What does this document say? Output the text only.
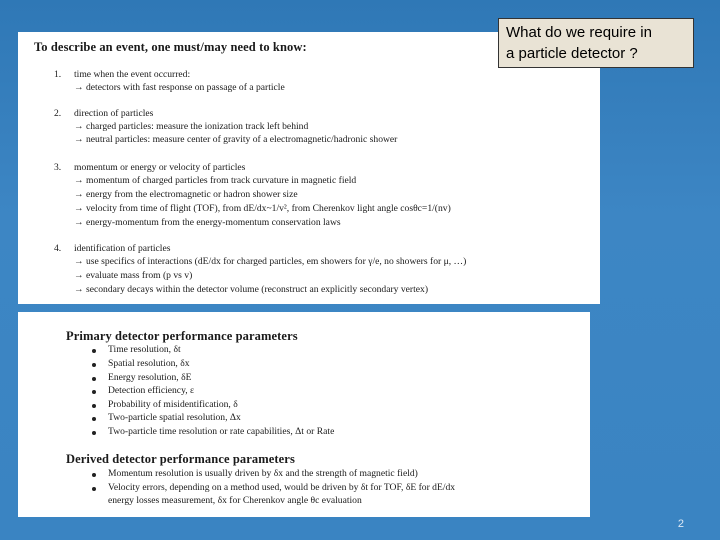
To describe an event, one must/may need to know:
1. time when the event occurred:
→ detectors with fast response on passage of a particle
2. direction of particles
→ charged particles: measure the ionization track left behind
→ neutral particles: measure center of gravity of a electromagnetic/hadronic shower
3. momentum or energy or velocity of particles
→ momentum of charged particles from track curvature in magnetic field
→ energy from the electromagnetic or hadron shower size
→ velocity from time of flight (TOF), from dE/dx~1/v², from Cherenkov light angle cosθc=1/(nv)
→ energy-momentum from the energy-momentum conservation laws
4. identification of particles
→ use specifics of interactions (dE/dx for charged particles, em showers for γ/e, no showers for μ, …)
→ evaluate mass from (p vs v)
→ secondary decays within the detector volume (reconstruct an explicitly secondary vertex)
Primary detector performance parameters
Time resolution, δt
Spatial resolution, δx
Energy resolution, δE
Detection efficiency, ε
Probability of misidentification, δ
Two-particle spatial resolution, Δx
Two-particle time resolution or rate capabilities, Δt or Rate
Derived detector performance parameters
Momentum resolution is usually driven by δx and the strength of magnetic field)
Velocity errors, depending on a method used, would be driven by δt for TOF, δE for dE/dx
energy losses measurement, δx for Cherenkov angle θc evaluation
What do we require in
a particle detector ?
2
